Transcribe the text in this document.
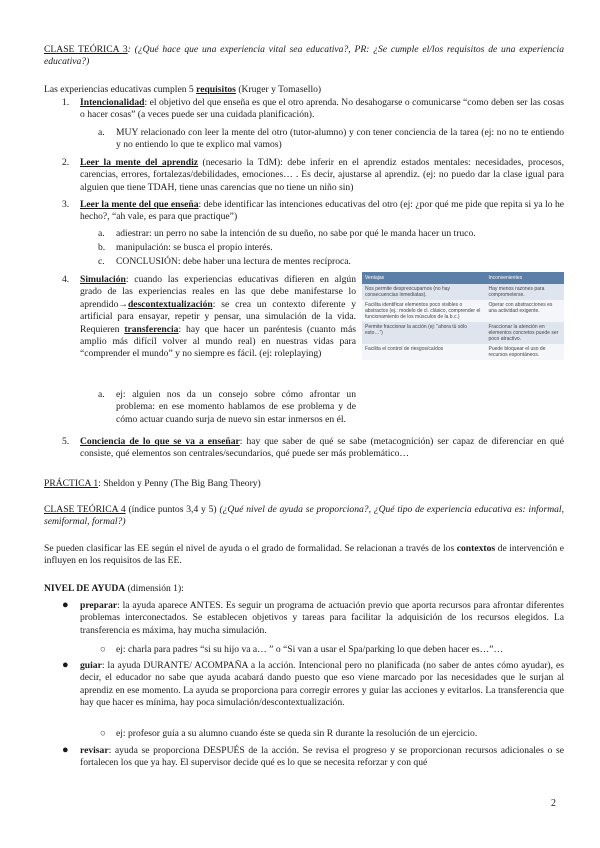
CLASE TEÓRICA 3: (¿Qué hace que una experiencia vital sea educativa?, PR: ¿Se cumple el/los requisitos de una experiencia educativa?)

Las experiencias educativas cumplen 5 requisitos (Kruger y Tomasello)

1. Intencionalidad: el objetivo del que enseña es que el otro aprenda. No desahogarse o comunicarse “como deben ser las cosas o hacer cosas” (a veces puede ser una cuidada planificación).

a. MUY relacionado con leer la mente del otro (tutor-alumno) y con tener conciencia de la tarea (ej: no no te entiendo y no entiendo lo que te explico mal vamos)

2. Leer la mente del aprendiz (necesario la TdM): debe inferir en el aprendiz estados mentales: necesidades, procesos, carencias, errores, fortalezas/debilidades, emociones… . Es decir, ajustarse al aprendiz. (ej: no puedo dar la clase igual para alguien que tiene TDAH, tiene unas carencias que no tiene un niño sin)

3. Leer la mente del que enseña: debe identificar las intenciones educativas del otro (ej: ¿por qué me pide que repita si ya lo he hecho?, “ah vale, es para que practique”)

a. adiestrar: un perro no sabe la intención de su dueño, no sabe por qué le manda hacer un truco.

b. manipulación: se busca el propio interés.

c. CONCLUSIÓN: debe haber una lectura de mentes recíproca.

4. Simulación: cuando las experiencias educativas difieren en algún grado de las experiencias reales en las que debe manifestarse lo aprendido→descontextualización: se crea un contexto diferente y artificial para ensayar, repetir y pensar, una simulación de la vida. Requieren transferencia: hay que hacer un paréntesis (cuanto más amplio más difícil volver al mundo real) en nuestras vidas para “comprender el mundo” y no siempre es fácil. (ej: roleplaying)

a. ej: alguien nos da un consejo sobre cómo afrontar un problema: en ese momento hablamos de ese problema y de cómo actuar cuando surja de nuevo sin estar inmersos en él.

Ventajas	Inconvenientes
Nos permite despreocuparnos (no hay consecuencias inmediatas).	Hay menos razones para comprometerse.
Facilita identificar elementos poco visibles o abstractos (ej.: modelo de cl. clásico, comprender el funcionamiento de los músculos de la b.c.)	Operar con abstracciones es una actividad exigente.
Permite fraccionar la acción (ej: “ahora tú sólo esto…”)	Fraccionar la atención en elementos concretos puede ser poco atractivo.
Facilita el control de riesgos/caídos	Puede bloquear el uso de recursos espontáneos.
5. Conciencia de lo que se va a enseñar: hay que saber de qué se sabe (metacognición) ser capaz de diferenciar en qué consiste, qué elementos son centrales/secundarios, qué puede ser más problemático…

PRÁCTICA 1: Sheldon y Penny (The Big Bang Theory)

CLASE TEÓRICA 4 (índice puntos 3,4 y 5) (¿Qué nivel de ayuda se proporciona?, ¿Qué tipo de experiencia educativa es: informal, semiformal, formal?)

Se pueden clasificar las EE según el nivel de ayuda o el grado de formalidad. Se relacionan a través de los contextos de intervención e influyen en los requisitos de las EE.

NIVEL DE AYUDA (dimensión 1):

● preparar: la ayuda aparece ANTES. Es seguir un programa de actuación previo que aporta recursos para afrontar diferentes problemas interconectados. Se establecen objetivos y tareas para facilitar la adquisición de los recursos elegidos. La transferencia es máxima, hay mucha simulación.

○ ej: charla para padres “si su hijo va a… ” o “Si van a usar el Spa/parking lo que deben hacer es…”…

● guiar: la ayuda DURANTE/ ACOMPAÑA a la acción. Intencional pero no planificada (no saber de antes cómo ayudar), es decir, el educador no sabe que ayuda acabará dando puesto que eso viene marcado por las necesidades que le surjan al aprendiz en ese momento. La ayuda se proporciona para corregir errores y guiar las acciones y evitarlos. La transferencia que hay que hacer es mínima, hay poca simulación/descontextualización.

○ ej: profesor guía a su alumno cuando éste se queda sin R durante la resolución de un ejercicio.

● revisar: ayuda se proporciona DESPUÉS de la acción. Se revisa el progreso y se proporcionan recursos adicionales o se fortalecen los que ya hay. El supervisor decide qué es lo que se necesita reforzar y con qué

2
